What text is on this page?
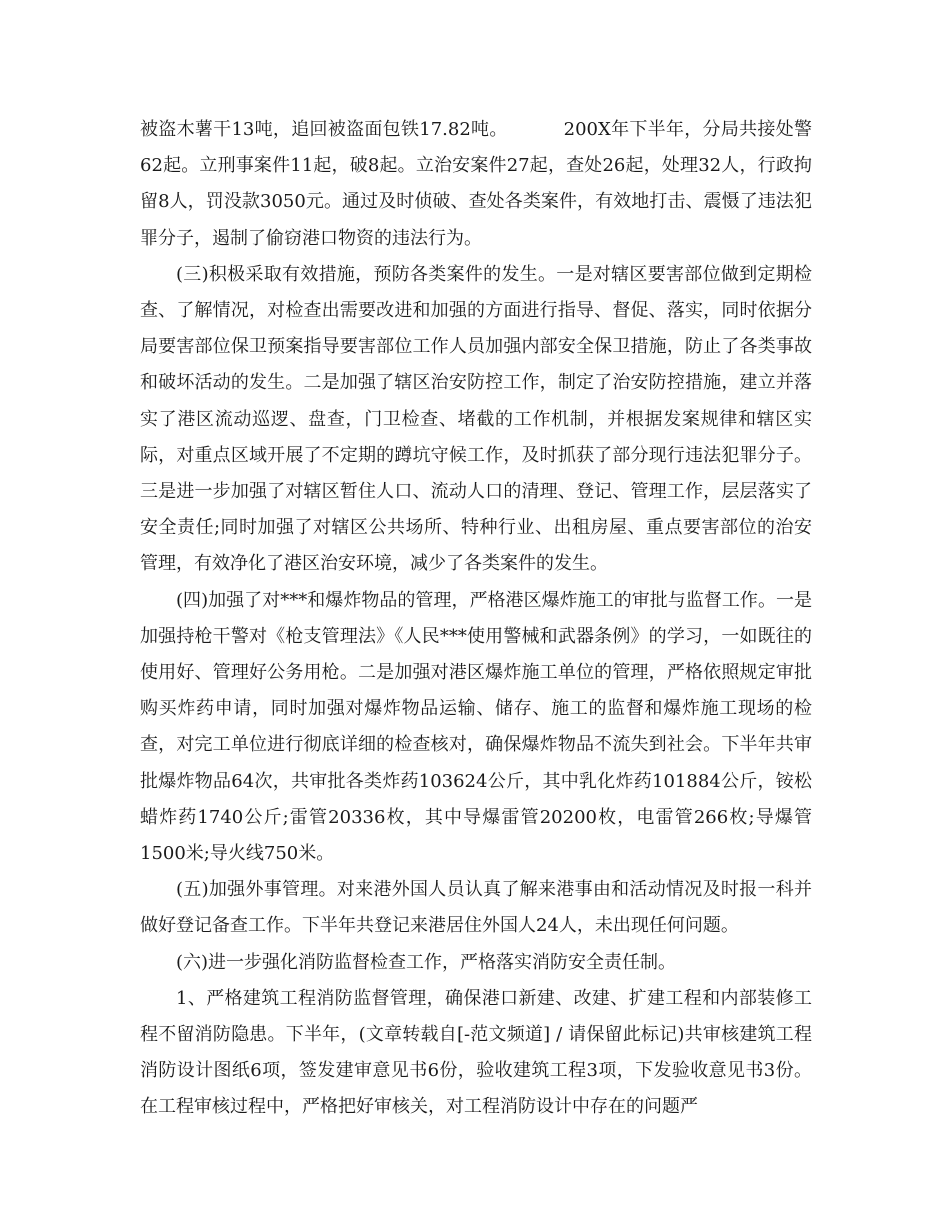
被盗木薯干13吨，追回被盗面包铁17.82吨。	200X年下半年，分局共接处警62起。立刑事案件11起，破8起。立治安案件27起，查处26起，处理32人，行政拘留8人，罚没款3050元。通过及时侦破、查处各类案件，有效地打击、震慑了违法犯罪分子，遏制了偷窃港口物资的违法行为。

(三)积极采取有效措施，预防各类案件的发生。一是对辖区要害部位做到定期检查、了解情况，对检查出需要改进和加强的方面进行指导、督促、落实，同时依据分局要害部位保卫预案指导要害部位工作人员加强内部安全保卫措施，防止了各类事故和破坏活动的发生。二是加强了辖区治安防控工作，制定了治安防控措施，建立并落实了港区流动巡逻、盘查，门卫检查、堵截的工作机制，并根据发案规律和辖区实际，对重点区域开展了不定期的蹲坑守候工作，及时抓获了部分现行违法犯罪分子。三是进一步加强了对辖区暂住人口、流动人口的清理、登记、管理工作，层层落实了安全责任;同时加强了对辖区公共场所、特种行业、出租房屋、重点要害部位的治安管理，有效净化了港区治安环境，减少了各类案件的发生。

(四)加强了对***和爆炸物品的管理，严格港区爆炸施工的审批与监督工作。一是加强持枪干警对《枪支管理法》《人民***使用警械和武器条例》的学习，一如既往的使用好、管理好公务用枪。二是加强对港区爆炸施工单位的管理，严格依照规定审批购买炸药申请，同时加强对爆炸物品运输、储存、施工的监督和爆炸施工现场的检查，对完工单位进行彻底详细的检查核对，确保爆炸物品不流失到社会。下半年共审批爆炸物品64次，共审批各类炸药103624公斤，其中乳化炸药101884公斤，铵松蜡炸药1740公斤;雷管20336枚，其中导爆雷管20200枚，电雷管266枚;导爆管1500米;导火线750米。

(五)加强外事管理。对来港外国人员认真了解来港事由和活动情况及时报一科并做好登记备查工作。下半年共登记来港居住外国人24人，未出现任何问题。

(六)进一步强化消防监督检查工作，严格落实消防安全责任制。

1、严格建筑工程消防监督管理，确保港口新建、改建、扩建工程和内部装修工程不留消防隐患。下半年，(文章转载自[-范文频道] / 请保留此标记)共审核建筑工程消防设计图纸6项，签发建审意见书6份，验收建筑工程3项，下发验收意见书3份。在工程审核过程中，严格把好审核关，对工程消防设计中存在的问题严
